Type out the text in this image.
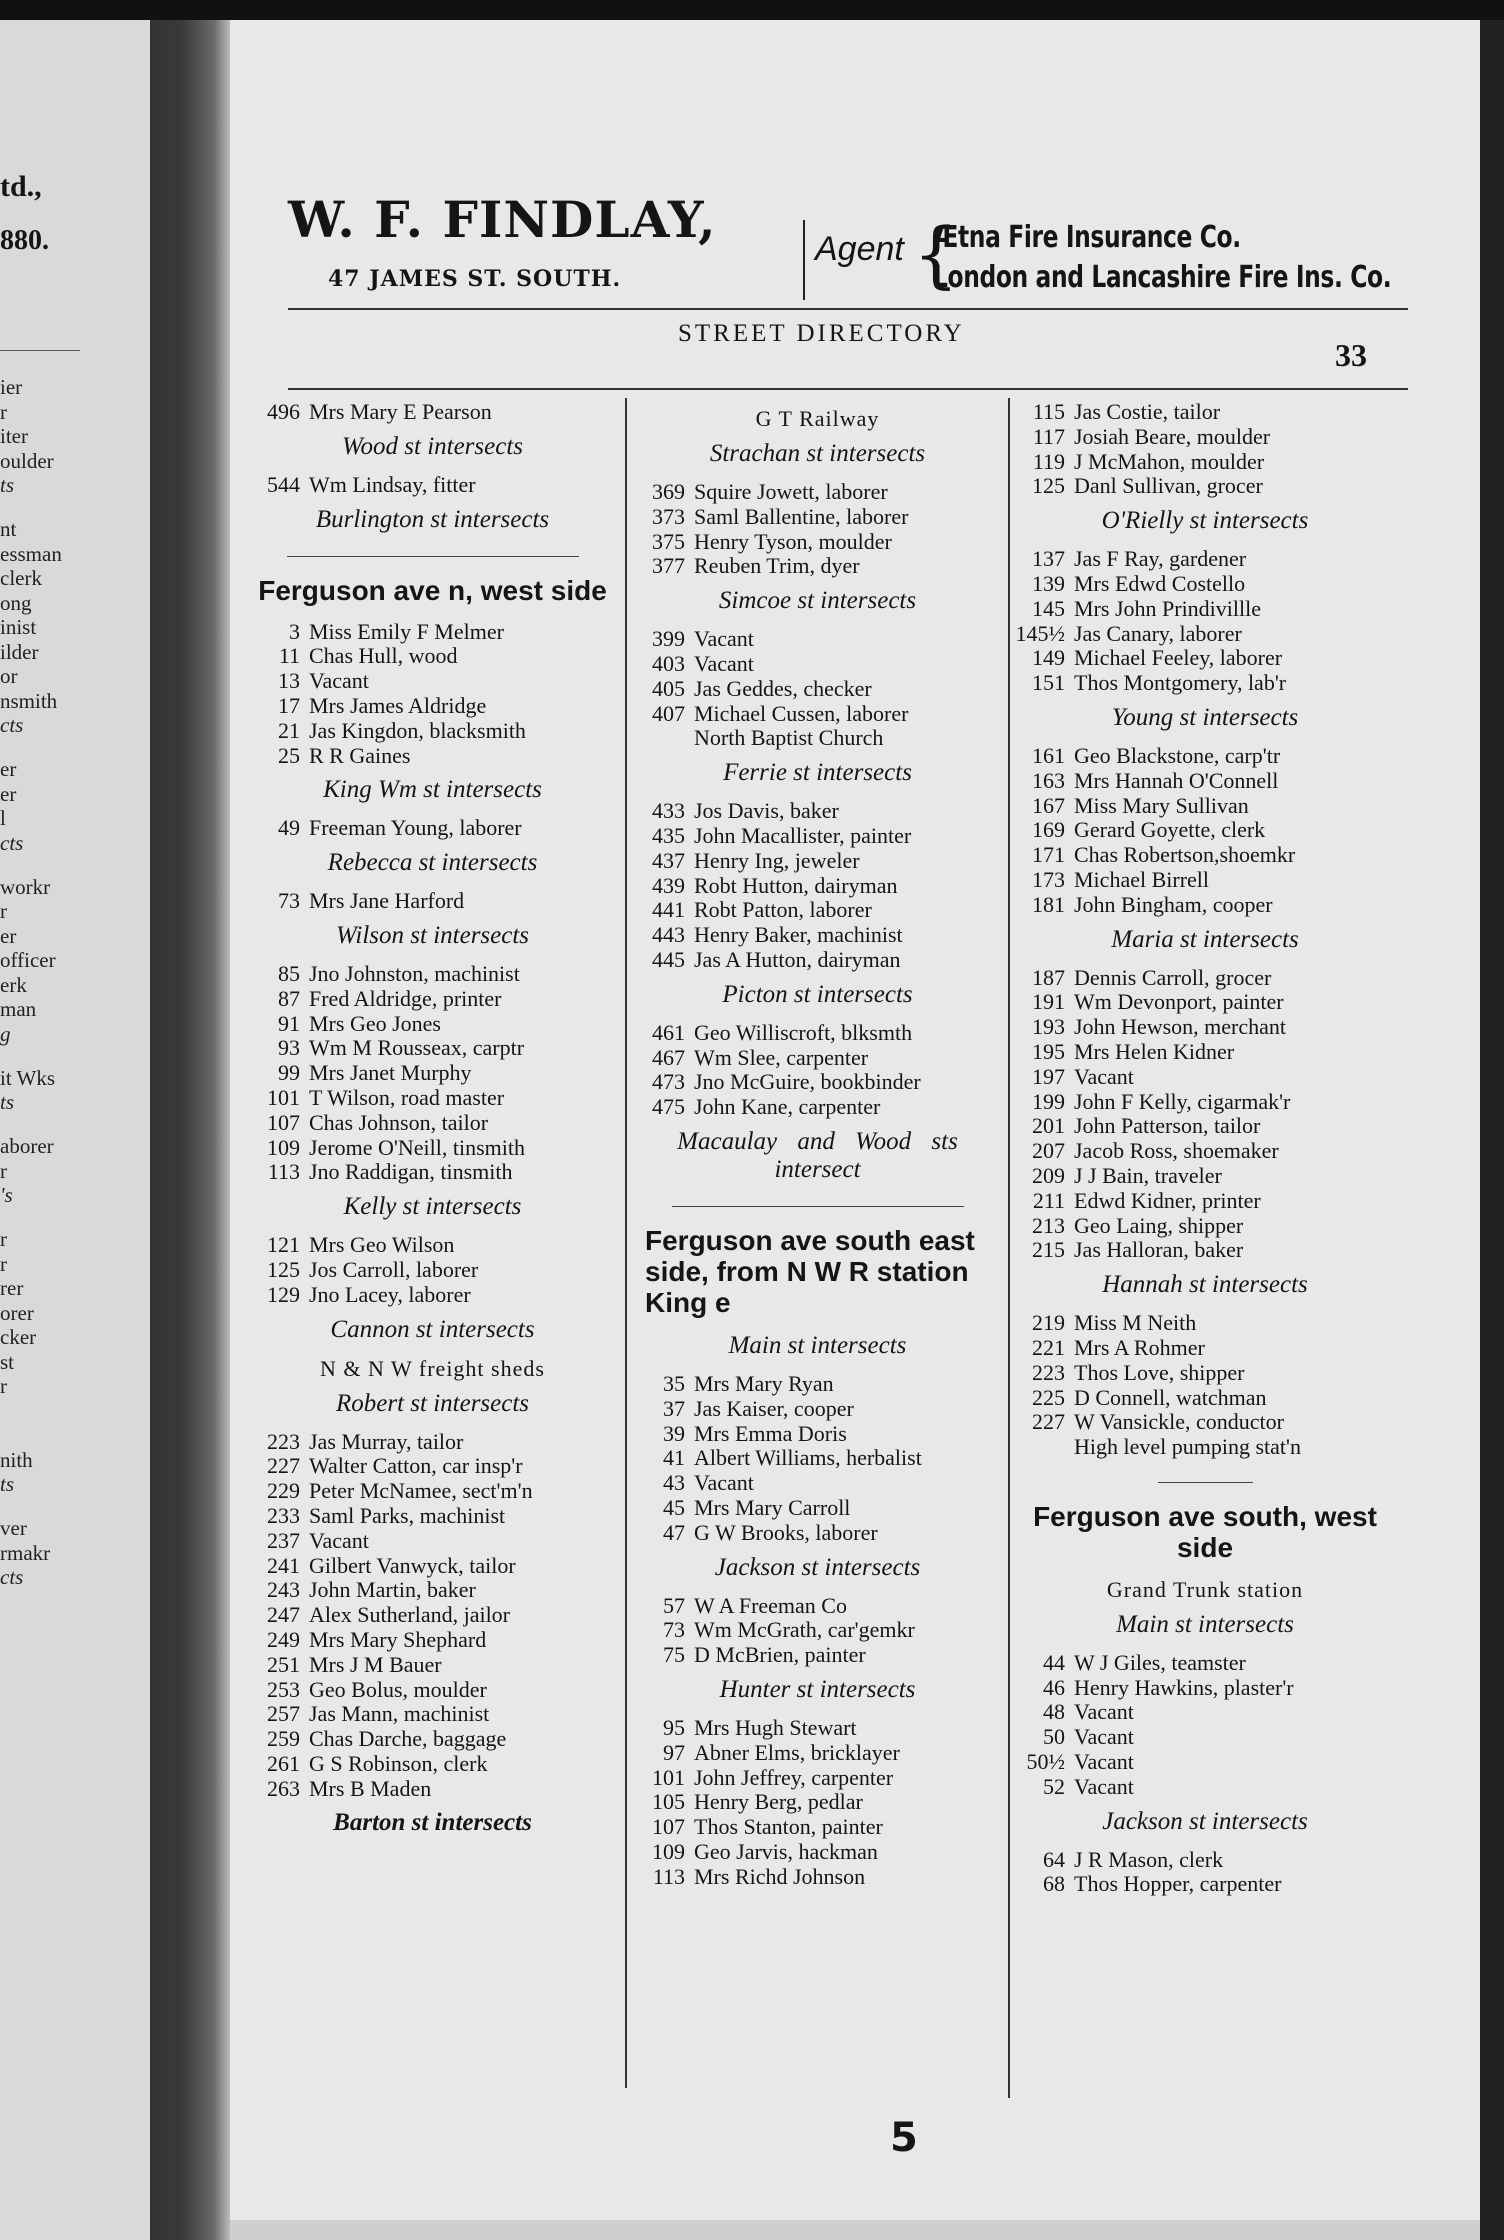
td.,
880.
ier
r
iter
oulder
ts
nt
essman
clerk
ong
inist
ilder
or
nsmith
cts
er
er
l
cts
workr
r
er
officer
erk
man
g
it Wks
ts
aborer
r
's
r
r
rer
orer
cker
st
r
nith
ts
ver
rmakr
cts
W. F. FINDLAY,
47 JAMES ST. SOUTH.
Agent {
Ætna Fire Insurance Co.
London and Lancashire Fire Ins. Co.
STREET DIRECTORY
33
496 Mrs Mary E Pearson
Wood st intersects
544 Wm Lindsay, fitter
Burlington st intersects
Ferguson ave n, west side
3 Miss Emily F Melmer
11 Chas Hull, wood
13 Vacant
17 Mrs James Aldridge
21 Jas Kingdon, blacksmith
25 R R Gaines
King Wm st intersects
49 Freeman Young, laborer
Rebecca st intersects
73 Mrs Jane Harford
Wilson st intersects
85 Jno Johnston, machinist
87 Fred Aldridge, printer
91 Mrs Geo Jones
93 Wm M Rousseax, carptr
99 Mrs Janet Murphy
101 T Wilson, road master
107 Chas Johnson, tailor
109 Jerome O'Neill, tinsmith
113 Jno Raddigan, tinsmith
Kelly st intersects
121 Mrs Geo Wilson
125 Jos Carroll, laborer
129 Jno Lacey, laborer
Cannon st intersects
N & N W freight sheds
Robert st intersects
223 Jas Murray, tailor
227 Walter Catton, car insp'r
229 Peter McNamee, sect'm'n
233 Saml Parks, machinist
237 Vacant
241 Gilbert Vanwyck, tailor
243 John Martin, baker
247 Alex Sutherland, jailor
249 Mrs Mary Shephard
251 Mrs J M Bauer
253 Geo Bolus, moulder
257 Jas Mann, machinist
259 Chas Darche, baggage
261 G S Robinson, clerk
263 Mrs B Maden
Barton st intersects
G T Railway
Strachan st intersects
369 Squire Jowett, laborer
373 Saml Ballentine, laborer
375 Henry Tyson, moulder
377 Reuben Trim, dyer
Simcoe st intersects
399 Vacant
403 Vacant
405 Jas Geddes, checker
407 Michael Cussen, laborer
North Baptist Church
Ferrie st intersects
433 Jos Davis, baker
435 John Macallister, painter
437 Henry Ing, jeweler
439 Robt Hutton, dairyman
441 Robt Patton, laborer
443 Henry Baker, machinist
445 Jas A Hutton, dairyman
Picton st intersects
461 Geo Williscroft, blksmth
467 Wm Slee, carpenter
473 Jno McGuire, bookbinder
475 John Kane, carpenter
Macaulay and Wood sts
intersect
Ferguson ave south east side, from N W R station King e
Main st intersects
35 Mrs Mary Ryan
37 Jas Kaiser, cooper
39 Mrs Emma Doris
41 Albert Williams, herbalist
43 Vacant
45 Mrs Mary Carroll
47 G W Brooks, laborer
Jackson st intersects
57 W A Freeman Co
73 Wm McGrath, car'gemkr
75 D McBrien, painter
Hunter st intersects
95 Mrs Hugh Stewart
97 Abner Elms, bricklayer
101 John Jeffrey, carpenter
105 Henry Berg, pedlar
107 Thos Stanton, painter
109 Geo Jarvis, hackman
113 Mrs Richd Johnson
115 Jas Costie, tailor
117 Josiah Beare, moulder
119 J McMahon, moulder
125 Danl Sullivan, grocer
O'Rielly st intersects
137 Jas F Ray, gardener
139 Mrs Edwd Costello
145 Mrs John Prindivillle
145½ Jas Canary, laborer
149 Michael Feeley, laborer
151 Thos Montgomery, lab'r
Young st intersects
161 Geo Blackstone, carp'tr
163 Mrs Hannah O'Connell
167 Miss Mary Sullivan
169 Gerard Goyette, clerk
171 Chas Robertson,shoemkr
173 Michael Birrell
181 John Bingham, cooper
Maria st intersects
187 Dennis Carroll, grocer
191 Wm Devonport, painter
193 John Hewson, merchant
195 Mrs Helen Kidner
197 Vacant
199 John F Kelly, cigarmak'r
201 John Patterson, tailor
207 Jacob Ross, shoemaker
209 J J Bain, traveler
211 Edwd Kidner, printer
213 Geo Laing, shipper
215 Jas Halloran, baker
Hannah st intersects
219 Miss M Neith
221 Mrs A Rohmer
223 Thos Love, shipper
225 D Connell, watchman
227 W Vansickle, conductor
High level pumping stat'n
Ferguson ave south, west side
Grand Trunk station
Main st intersects
44 W J Giles, teamster
46 Henry Hawkins, plaster'r
48 Vacant
50 Vacant
50½ Vacant
52 Vacant
Jackson st intersects
64 J R Mason, clerk
68 Thos Hopper, carpenter
5
